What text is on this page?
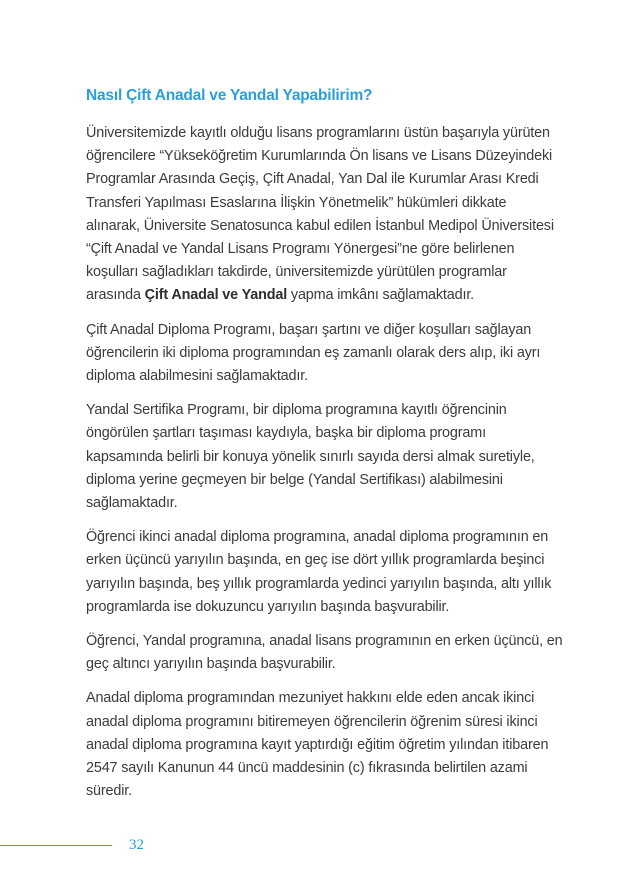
Nasıl Çift Anadal ve Yandal Yapabilirim?

Üniversitemizde kayıtlı olduğu lisans programlarını üstün başarıyla yürüten öğrencilere “Yükseköğretim Kurumlarında Ön lisans ve Lisans Düzeyindeki Programlar Arasında Geçiş, Çift Anadal, Yan Dal ile Kurumlar Arası Kredi Transferi Yapılması Esaslarına İlişkin Yönetmelik” hükümleri dikkate alınarak, Üniversite Senatosunca kabul edilen İstanbul Medipol Üniversitesi “Çift Anadal ve Yandal Lisans Programı Yönergesi”ne göre belirlenen koşulları sağladıkları takdirde, üniversitemizde yürütülen programlar arasında Çift Anadal ve Yandal yapma imkânı sağlamaktadır.

Çift Anadal Diploma Programı, başarı şartını ve diğer koşulları sağlayan öğrencilerin iki diploma programından eş zamanlı olarak ders alıp, iki ayrı diploma alabilmesini sağlamaktadır.

Yandal Sertifika Programı, bir diploma programına kayıtlı öğrencinin öngörülen şartları taşıması kaydıyla, başka bir diploma programı kapsamında belirli bir konuya yönelik sınırlı sayıda dersi almak suretiyle, diploma yerine geçmeyen bir belge (Yandal Sertifikası) alabilmesini sağlamaktadır.

Öğrenci ikinci anadal diploma programına, anadal diploma programının en erken üçüncü yarıyılın başında, en geç ise dört yıllık programlarda beşinci yarıyılın başında, beş yıllık programlarda yedinci yarıyılın başında, altı yıllık programlarda ise dokuzuncu yarıyılın başında başvurabilir.

Öğrenci, Yandal programına, anadal lisans programının en erken üçüncü, en geç altıncı yarıyılın başında başvurabilir.

Anadal diploma programından mezuniyet hakkını elde eden ancak ikinci anadal diploma programını bitiremeyen öğrencilerin öğrenim süresi ikinci anadal diploma programına kayıt yaptırdığı eğitim öğretim yılından itibaren 2547 sayılı Kanunun 44 üncü maddesinin (c) fıkrasında belirtilen azami süredir.

32
